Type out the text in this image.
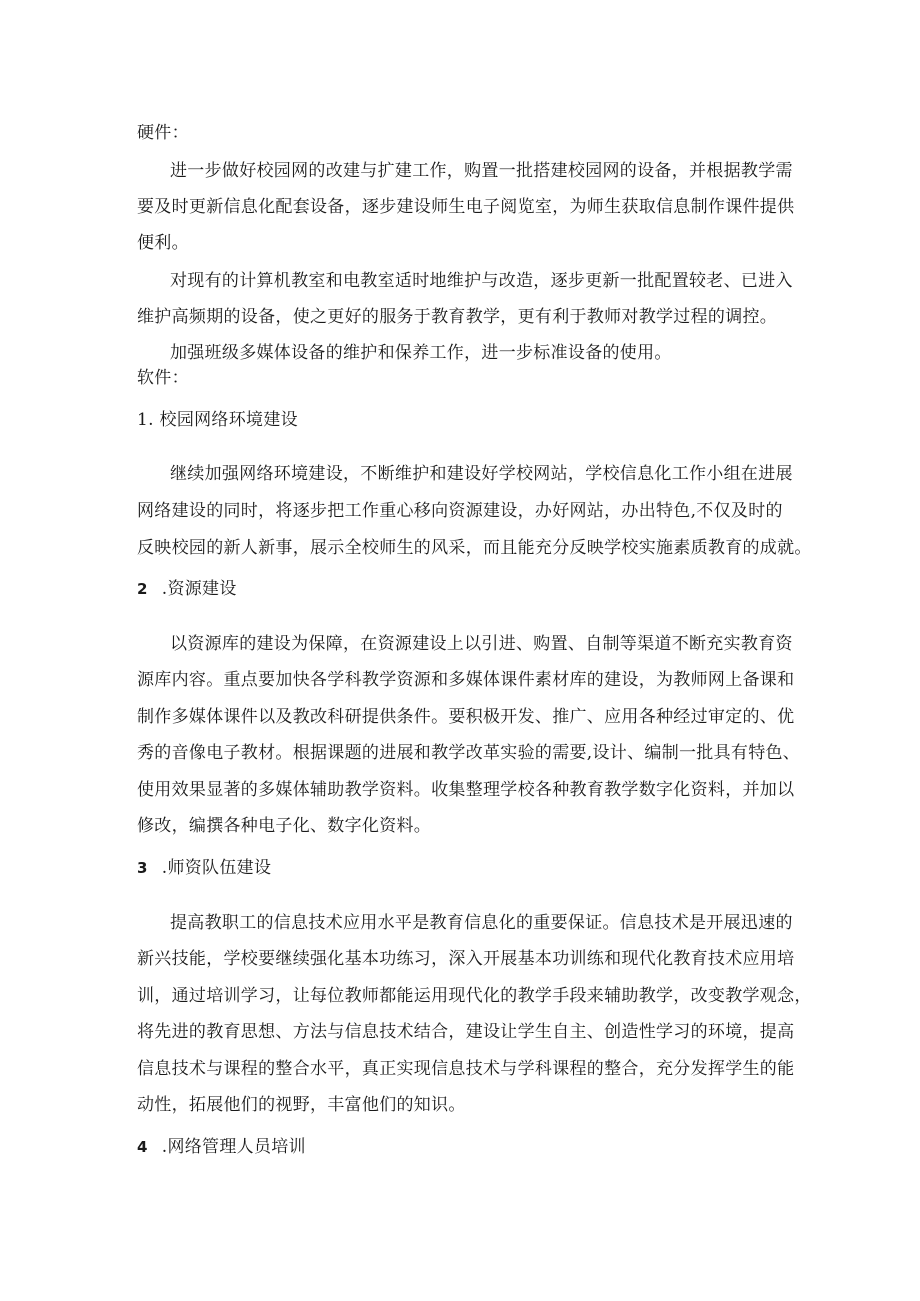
硬件：
进一步做好校园网的改建与扩建工作，购置一批搭建校园网的设备，并根据教学需
要及时更新信息化配套设备，逐步建设师生电子阅览室，为师生获取信息制作课件提供
便利。
对现有的计算机教室和电教室适时地维护与改造，逐步更新一批配置较老、已进入
维护高频期的设备，使之更好的服务于教育教学，更有利于教师对教学过程的调控。
加强班级多媒体设备的维护和保养工作，进一步标准设备的使用。
软件：
1. 校园网络环境建设
继续加强网络环境建设，不断维护和建设好学校网站，学校信息化工作小组在进展
网络建设的同时，将逐步把工作重心移向资源建设，办好网站，办出特色,不仅及时的
反映校园的新人新事，展示全校师生的风采，而且能充分反映学校实施素质教育的成就。
2 .资源建设
以资源库的建设为保障，在资源建设上以引进、购置、自制等渠道不断充实教育资
源库内容。重点要加快各学科教学资源和多媒体课件素材库的建设，为教师网上备课和
制作多媒体课件以及教改科研提供条件。要积极开发、推广、应用各种经过审定的、优
秀的音像电子教材。根据课题的进展和教学改革实验的需要,设计、编制一批具有特色、
使用效果显著的多媒体辅助教学资料。收集整理学校各种教育教学数字化资料，并加以
修改，编撰各种电子化、数字化资料。
3 .师资队伍建设
提高教职工的信息技术应用水平是教育信息化的重要保证。信息技术是开展迅速的
新兴技能，学校要继续强化基本功练习，深入开展基本功训练和现代化教育技术应用培
训，通过培训学习，让每位教师都能运用现代化的教学手段来辅助教学，改变教学观念，
将先进的教育思想、方法与信息技术结合，建设让学生自主、创造性学习的环境，提高
信息技术与课程的整合水平，真正实现信息技术与学科课程的整合，充分发挥学生的能
动性，拓展他们的视野，丰富他们的知识。
4 .网络管理人员培训
